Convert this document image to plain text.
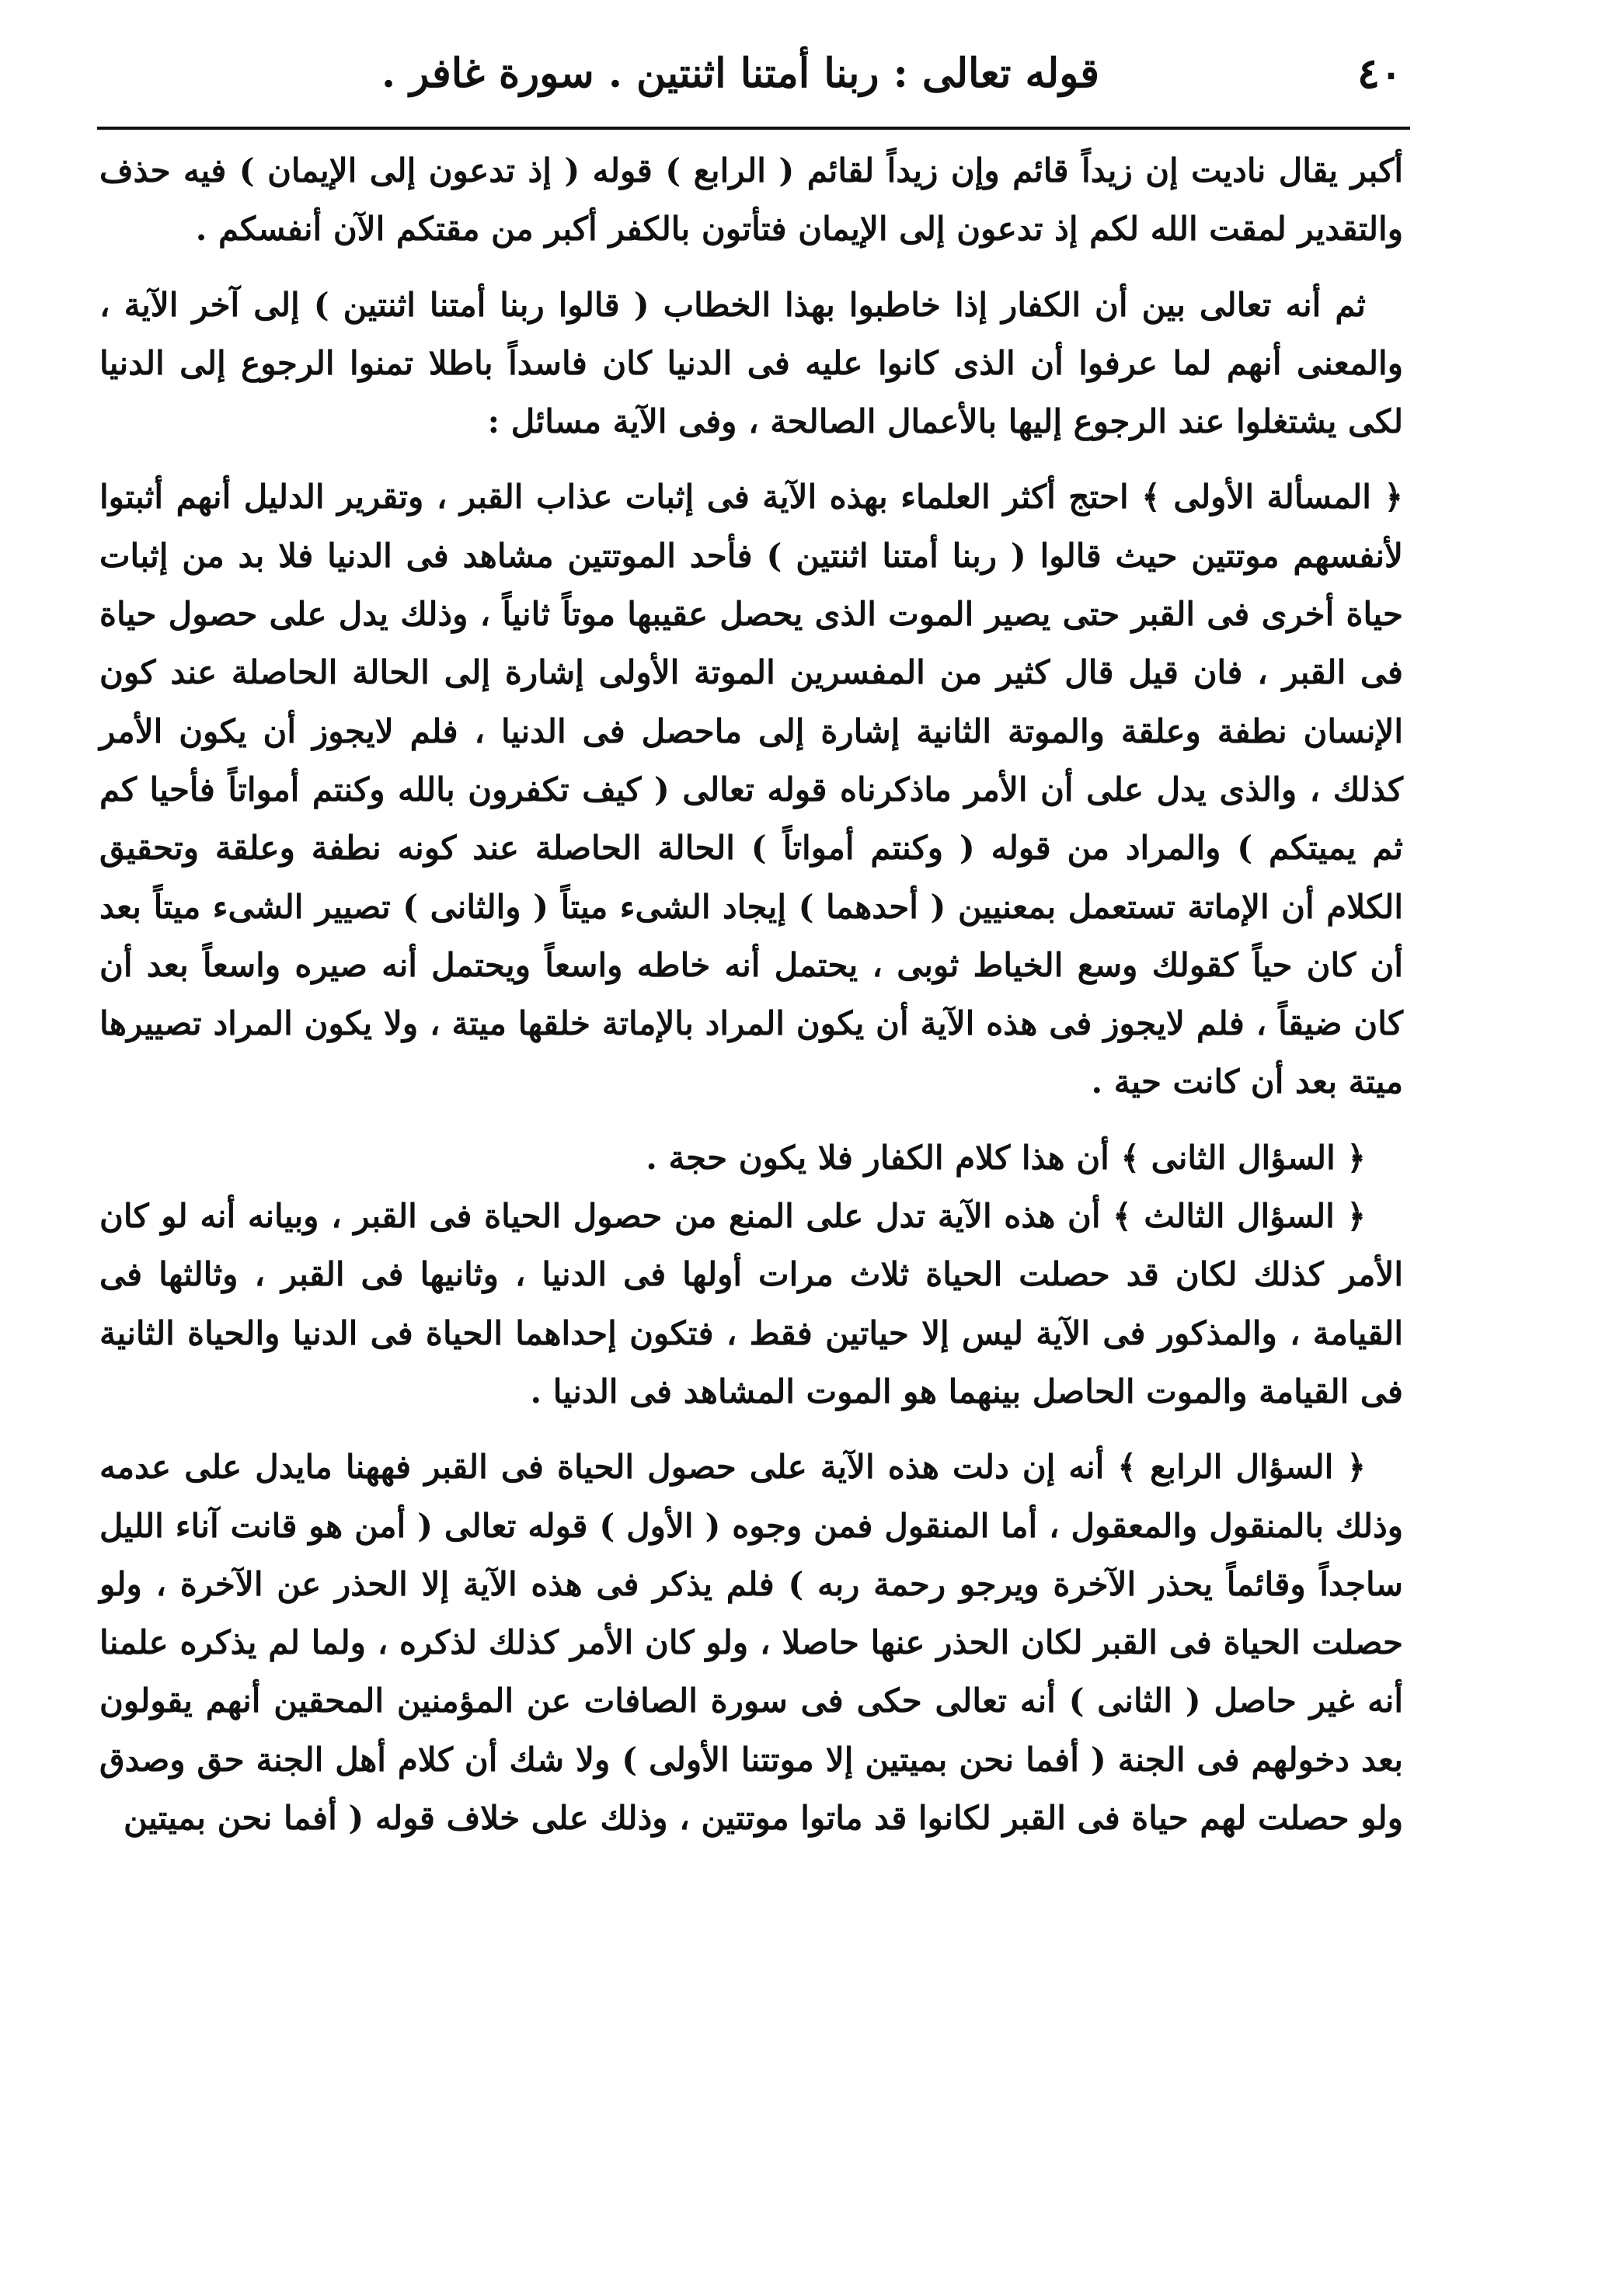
٤٠
قوله تعالى : ربنا أمتنا اثنتين . سورة غافر .

أكبر يقال ناديت إن زيداً قائم وإن زيداً لقائم ( الرابع ) قوله ( إذ تدعون إلى الإيمان ) فيه حذف والتقدير لمقت الله لكم إذ تدعون إلى الإيمان فتأتون بالكفر أكبر من مقتكم الآن أنفسكم .

ثم أنه تعالى بين أن الكفار إذا خاطبوا بهذا الخطاب ( قالوا ربنا أمتنا اثنتين ) إلى آخر الآية ، والمعنى أنهم لما عرفوا أن الذى كانوا عليه فى الدنيا كان فاسداً باطلا تمنوا الرجوع إلى الدنيا لكى يشتغلوا عند الرجوع إليها بالأعمال الصالحة ، وفى الآية مسائل :

﴿ المسألة الأولى ﴾ احتج أكثر العلماء بهذه الآية فى إثبات عذاب القبر ، وتقرير الدليل أنهم أثبتوا لأنفسهم موتتين حيث قالوا ( ربنا أمتنا اثنتين ) فأحد الموتتين مشاهد فى الدنيا فلا بد من إثبات حياة أخرى فى القبر حتى يصير الموت الذى يحصل عقيبها موتاً ثانياً ، وذلك يدل على حصول حياة فى القبر ، فان قيل قال كثير من المفسرين الموتة الأولى إشارة إلى الحالة الحاصلة عند كون الإنسان نطفة وعلقة والموتة الثانية إشارة إلى ماحصل فى الدنيا ، فلم لايجوز أن يكون الأمر كذلك ، والذى يدل على أن الأمر ماذكرناه قوله تعالى ( كيف تكفرون بالله وكنتم أمواتاً فأحيا كم ثم يميتكم ) والمراد من قوله ( وكنتم أمواتاً ) الحالة الحاصلة عند كونه نطفة وعلقة وتحقيق الكلام أن الإماتة تستعمل بمعنيين ( أحدهما ) إيجاد الشىء ميتاً ( والثانى ) تصيير الشىء ميتاً بعد أن كان حياً كقولك وسع الخياط ثوبى ، يحتمل أنه خاطه واسعاً ويحتمل أنه صيره واسعاً بعد أن كان ضيقاً ، فلم لايجوز فى هذه الآية أن يكون المراد بالإماتة خلقها ميتة ، ولا يكون المراد تصييرها ميتة بعد أن كانت حية .

﴿ السؤال الثانى ﴾ أن هذا كلام الكفار فلا يكون حجة .

﴿ السؤال الثالث ﴾ أن هذه الآية تدل على المنع من حصول الحياة فى القبر ، وبيانه أنه لو كان الأمر كذلك لكان قد حصلت الحياة ثلاث مرات أولها فى الدنيا ، وثانيها فى القبر ، وثالثها فى القيامة ، والمذكور فى الآية ليس إلا حياتين فقط ، فتكون إحداهما الحياة فى الدنيا والحياة الثانية فى القيامة والموت الحاصل بينهما هو الموت المشاهد فى الدنيا .

﴿ السؤال الرابع ﴾ أنه إن دلت هذه الآية على حصول الحياة فى القبر فههنا مايدل على عدمه وذلك بالمنقول والمعقول ، أما المنقول فمن وجوه ( الأول ) قوله تعالى ( أمن هو قانت آناء الليل ساجداً وقائماً يحذر الآخرة ويرجو رحمة ربه ) فلم يذكر فى هذه الآية إلا الحذر عن الآخرة ، ولو حصلت الحياة فى القبر لكان الحذر عنها حاصلا ، ولو كان الأمر كذلك لذكره ، ولما لم يذكره علمنا أنه غير حاصل ( الثانى ) أنه تعالى حكى فى سورة الصافات عن المؤمنين المحقين أنهم يقولون بعد دخولهم فى الجنة ( أفما نحن بميتين إلا موتتنا الأولى ) ولا شك أن كلام أهل الجنة حق وصدق ولو حصلت لهم حياة فى القبر لكانوا قد ماتوا موتتين ، وذلك على خلاف قوله ( أفما نحن بميتين
